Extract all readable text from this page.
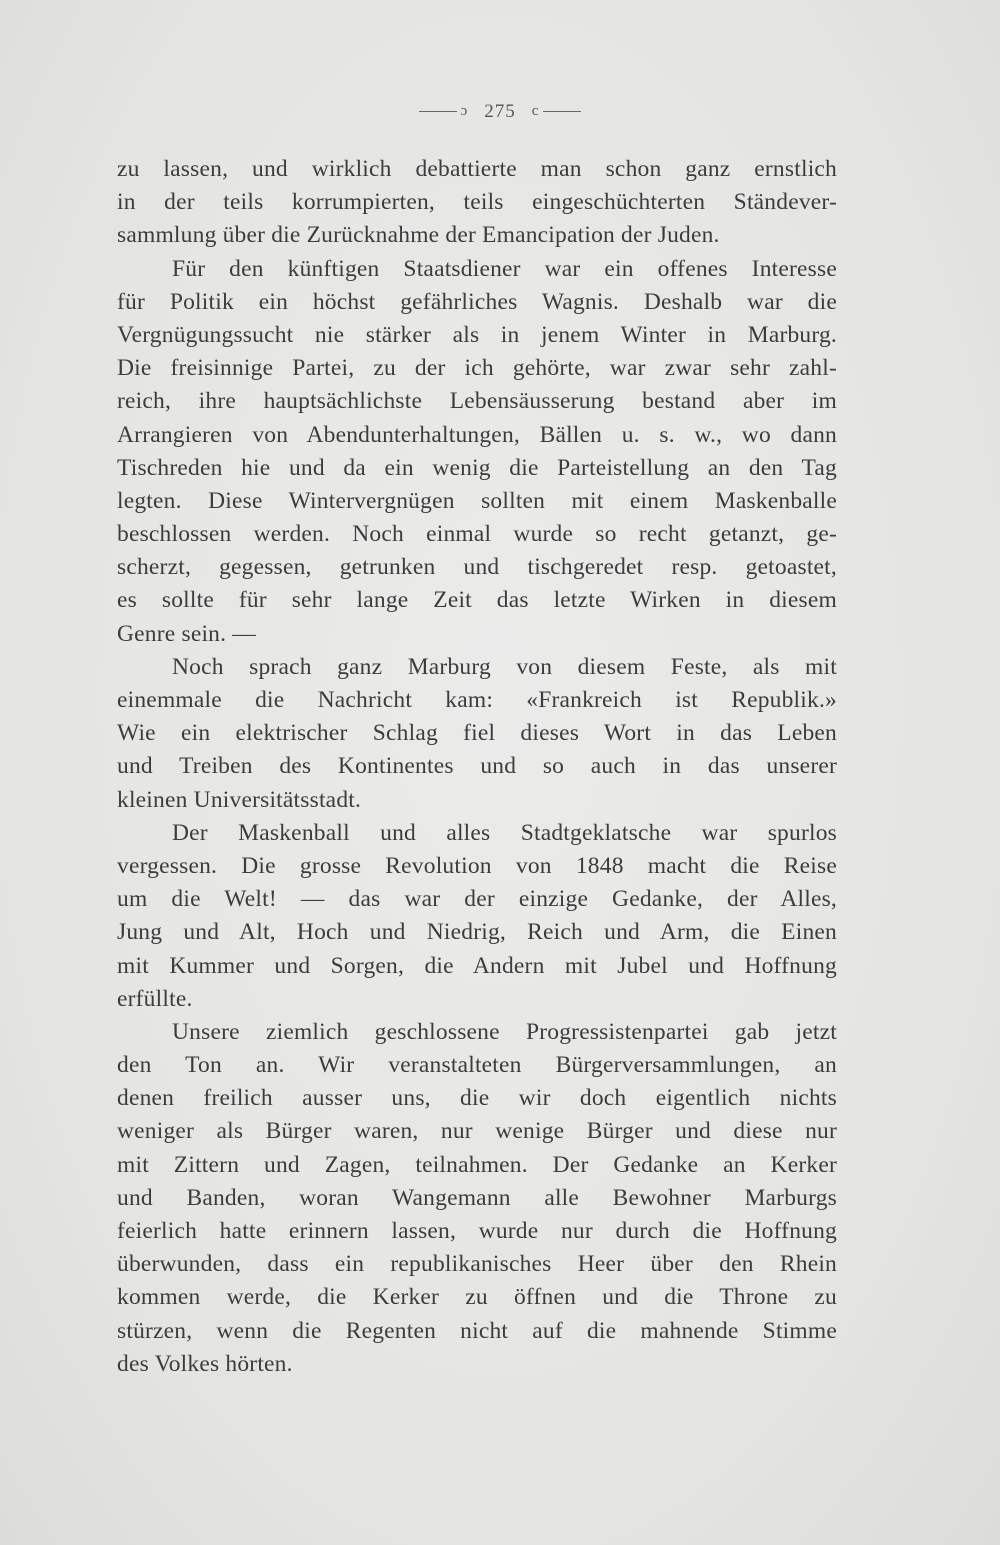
ɔ 275 c
zu lassen, und wirklich debattierte man schon ganz ernstlich
in der teils korrumpierten, teils eingeschüchterten Ständever-
sammlung über die Zurücknahme der Emancipation der Juden.
Für den künftigen Staatsdiener war ein offenes Interesse
für Politik ein höchst gefährliches Wagnis. Deshalb war die
Vergnügungssucht nie stärker als in jenem Winter in Marburg.
Die freisinnige Partei, zu der ich gehörte, war zwar sehr zahl-
reich, ihre hauptsächlichste Lebensäusserung bestand aber im
Arrangieren von Abendunterhaltungen, Bällen u. s. w., wo dann
Tischreden hie und da ein wenig die Parteistellung an den Tag
legten. Diese Wintervergnügen sollten mit einem Maskenballe
beschlossen werden. Noch einmal wurde so recht getanzt, ge-
scherzt, gegessen, getrunken und tischgeredet resp. getoastet,
es sollte für sehr lange Zeit das letzte Wirken in diesem
Genre sein. —
Noch sprach ganz Marburg von diesem Feste, als mit
einemmale die Nachricht kam: «Frankreich ist Republik.»
Wie ein elektrischer Schlag fiel dieses Wort in das Leben
und Treiben des Kontinentes und so auch in das unserer
kleinen Universitätsstadt.
Der Maskenball und alles Stadtgeklatsche war spurlos
vergessen. Die grosse Revolution von 1848 macht die Reise
um die Welt! — das war der einzige Gedanke, der Alles,
Jung und Alt, Hoch und Niedrig, Reich und Arm, die Einen
mit Kummer und Sorgen, die Andern mit Jubel und Hoffnung
erfüllte.
Unsere ziemlich geschlossene Progressistenpartei gab jetzt
den Ton an. Wir veranstalteten Bürgerversammlungen, an
denen freilich ausser uns, die wir doch eigentlich nichts
weniger als Bürger waren, nur wenige Bürger und diese nur
mit Zittern und Zagen, teilnahmen. Der Gedanke an Kerker
und Banden, woran Wangemann alle Bewohner Marburgs
feierlich hatte erinnern lassen, wurde nur durch die Hoffnung
überwunden, dass ein republikanisches Heer über den Rhein
kommen werde, die Kerker zu öffnen und die Throne zu
stürzen, wenn die Regenten nicht auf die mahnende Stimme
des Volkes hörten.
